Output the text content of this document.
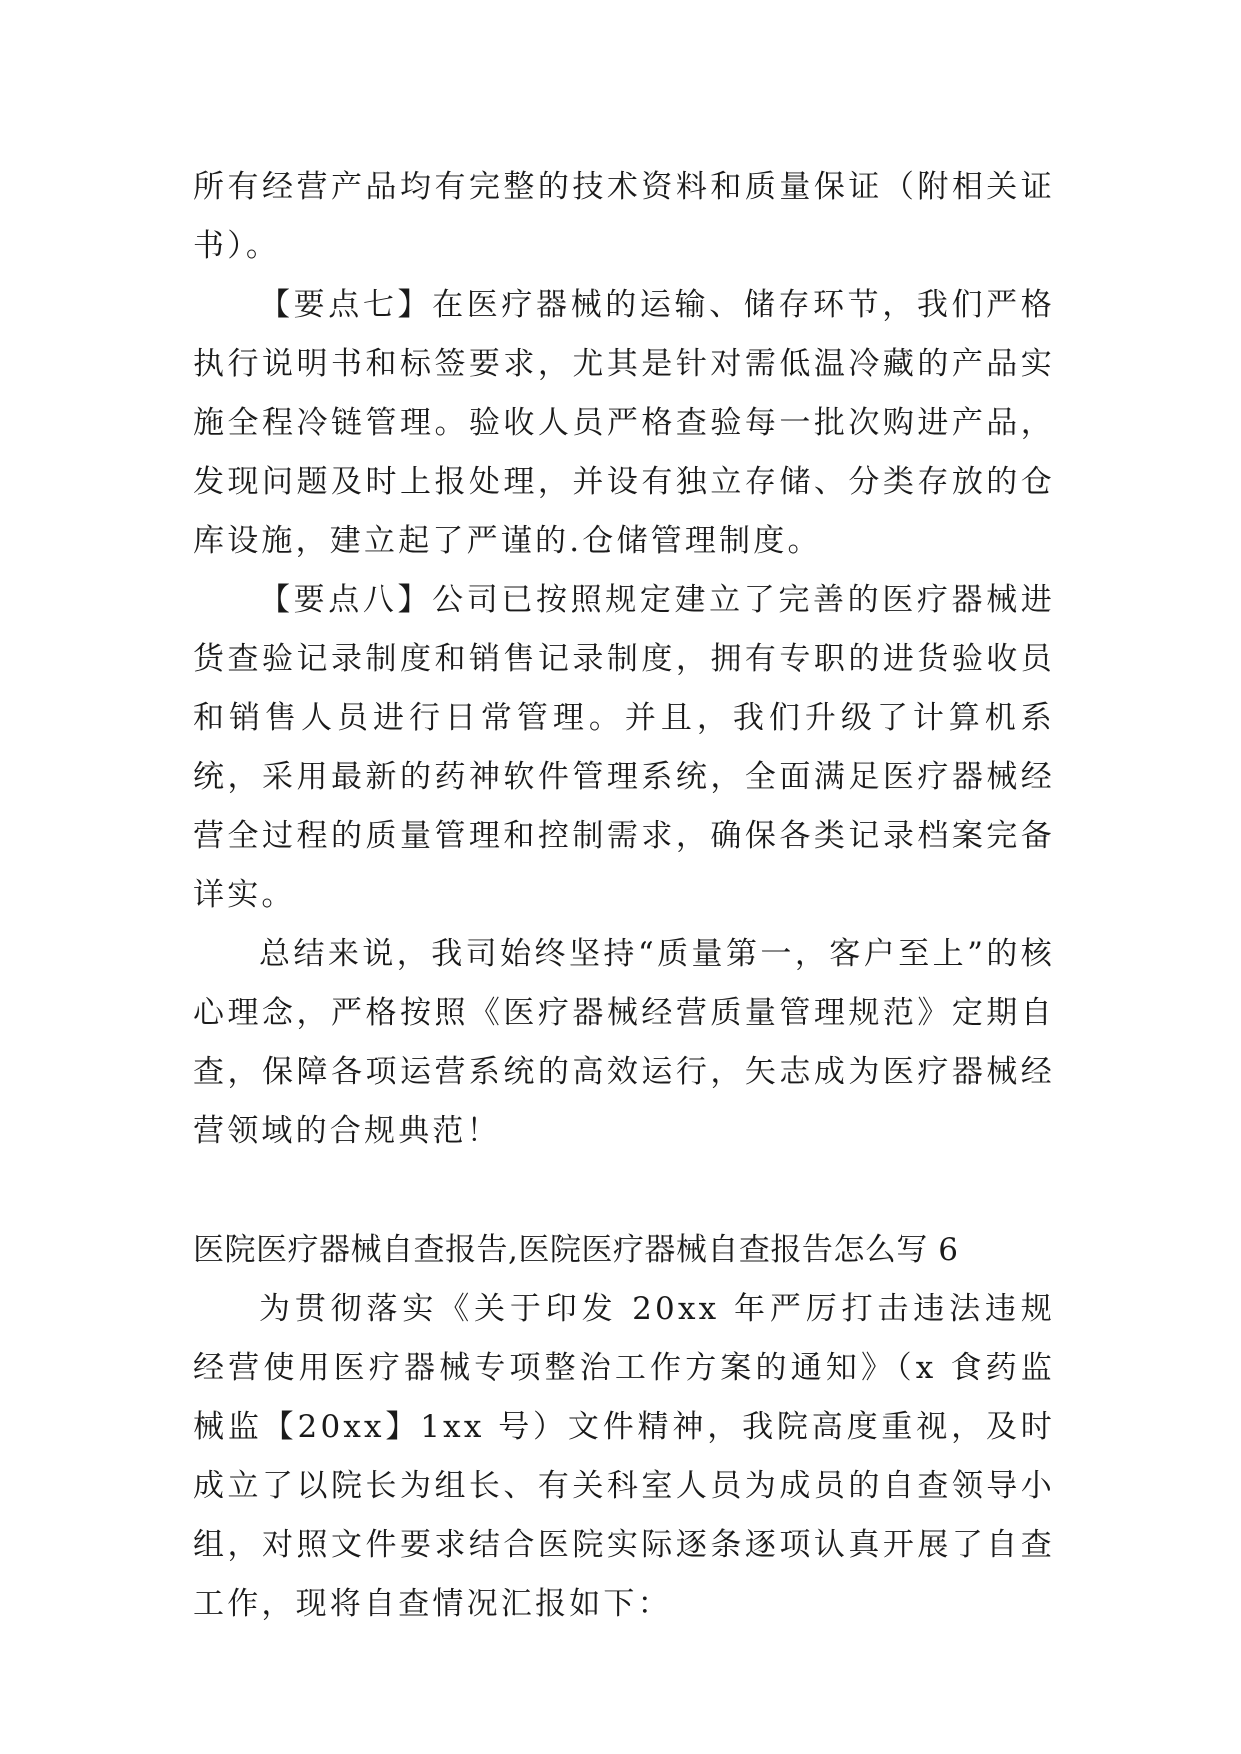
所有经营产品均有完整的技术资料和质量保证（附相关证书）。

【要点七】在医疗器械的运输、储存环节，我们严格执行说明书和标签要求，尤其是针对需低温冷藏的产品实施全程冷链管理。验收人员严格查验每一批次购进产品，发现问题及时上报处理，并设有独立存储、分类存放的仓库设施，建立起了严谨的.仓储管理制度。

【要点八】公司已按照规定建立了完善的医疗器械进货查验记录制度和销售记录制度，拥有专职的进货验收员和销售人员进行日常管理。并且，我们升级了计算机系统，采用最新的药神软件管理系统，全面满足医疗器械经营全过程的质量管理和控制需求，确保各类记录档案完备详实。

总结来说，我司始终坚持“质量第一，客户至上”的核心理念，严格按照《医疗器械经营质量管理规范》定期自查，保障各项运营系统的高效运行，矢志成为医疗器械经营领域的合规典范！

医院医疗器械自查报告,医院医疗器械自查报告怎么写 6

为贯彻落实《关于印发 20xx 年严厉打击违法违规经营使用医疗器械专项整治工作方案的通知》（x 食药监械监【20xx】1xx 号）文件精神，我院高度重视，及时成立了以院长为组长、有关科室人员为成员的自查领导小组，对照文件要求结合医院实际逐条逐项认真开展了自查工作，现将自查情况汇报如下：
